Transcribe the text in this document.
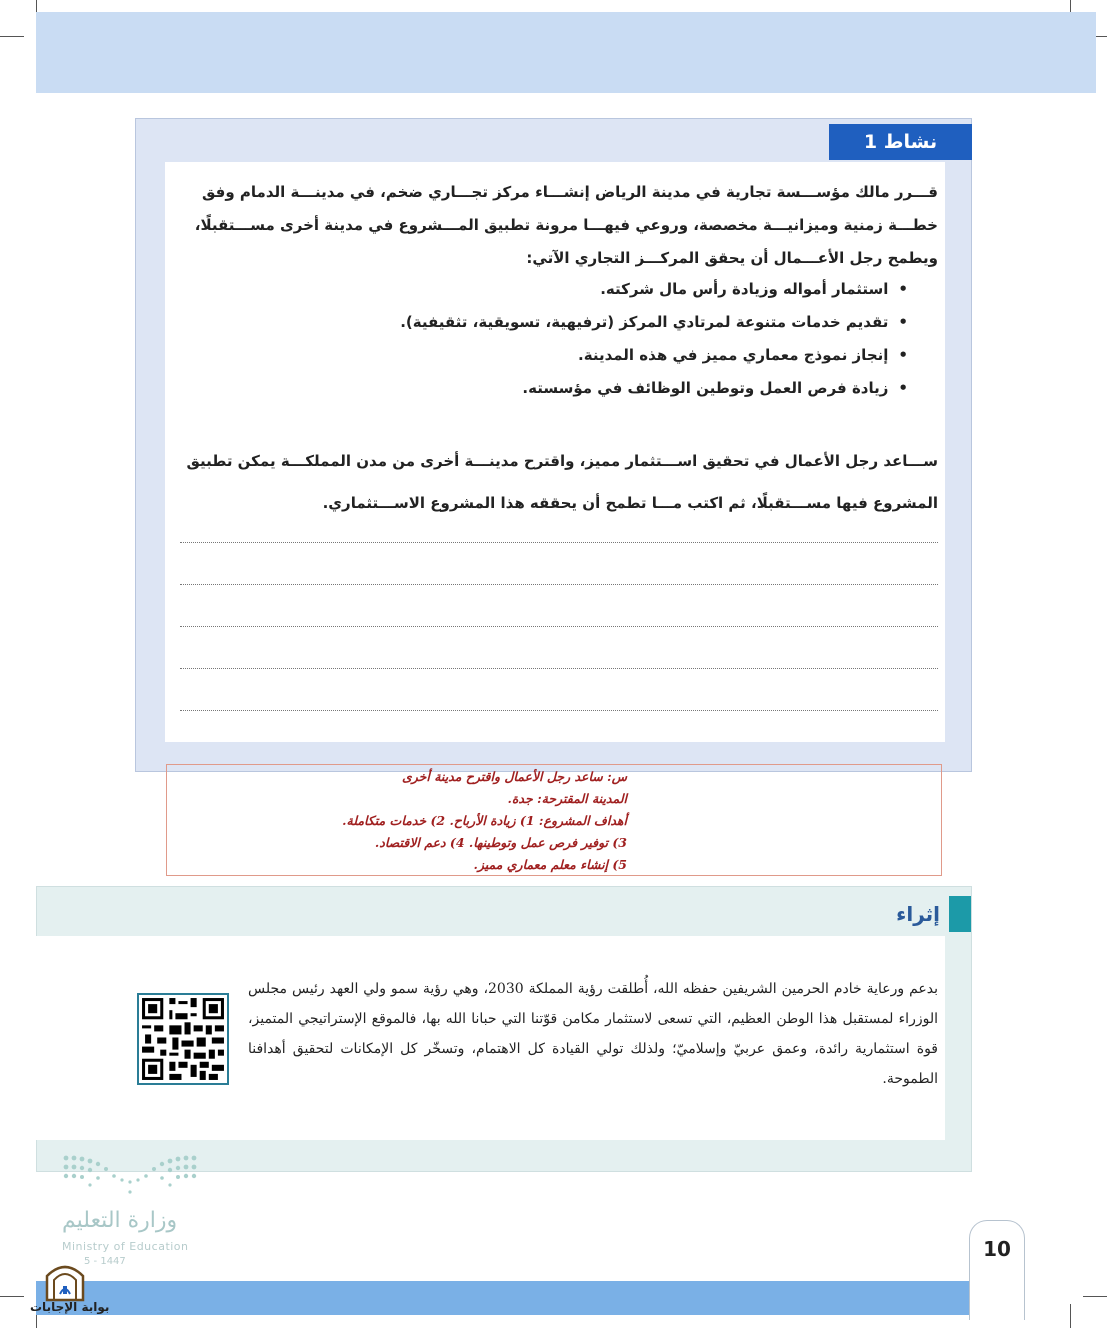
نشاط 1

قـــرر مالك مؤســـسة تجارية في مدينة الرياض إنشـــاء مركز تجـــاري ضخم، في مدينـــة الدمام وفق

خطـــة زمنية وميزانيـــة مخصصة، وروعي فيهـــا مرونة تطبيق المـــشروع في مدينة أخرى مســـتقبلًا،

ويطمح رجل الأعـــمال أن يحقق المركـــز التجاري الآتي:

• استثمار أمواله وزيادة رأس مال شركته.
• تقديم خدمات متنوعة لمرتادي المركز (ترفيهية، تسويقية، تثقيفية).
• إنجاز نموذج معماري مميز في هذه المدينة.
• زيادة فرص العمل وتوطين الوظائف في مؤسسته.

ســـاعد رجل الأعمال في تحقيق اســـتثمار مميز، واقترح مدينـــة أخرى من مدن المملكـــة يمكن تطبيق

المشروع فيها مســـتقبلًا، ثم اكتب مـــا تطمح أن يحققه هذا المشروع الاســـتثماري.

س: ساعد رجل الأعمال واقترح مدينة أخرى
المدينة المقترحة: جدة.
أهداف المشروع: 1) زيادة الأرباح. 2) خدمات متكاملة.
3) توفير فرص عمل وتوطينها. 4) دعم الاقتصاد.
5) إنشاء معلم معماري مميز.
إثراء
بدعم ورعاية خادم الحرمين الشريفين حفظه الله، أُطلقت رؤية المملكة 2030، وهي رؤية سمو ولي العهد رئيس مجلس الوزراء لمستقبل هذا الوطن العظيم، التي تسعى لاستثمار مكامن قوّتنا التي حبانا الله بها، فالموقع الإستراتيجي المتميز، قوة استثمارية رائدة، وعمق عربيّ وإسلاميّ؛ ولذلك تولي القيادة كل الاهتمام، وتسخّر كل الإمكانات لتحقيق أهدافنا الطموحة.
وزارة التعليم
Ministry of Education
5 - 1447
10
بوابة الإجابات
